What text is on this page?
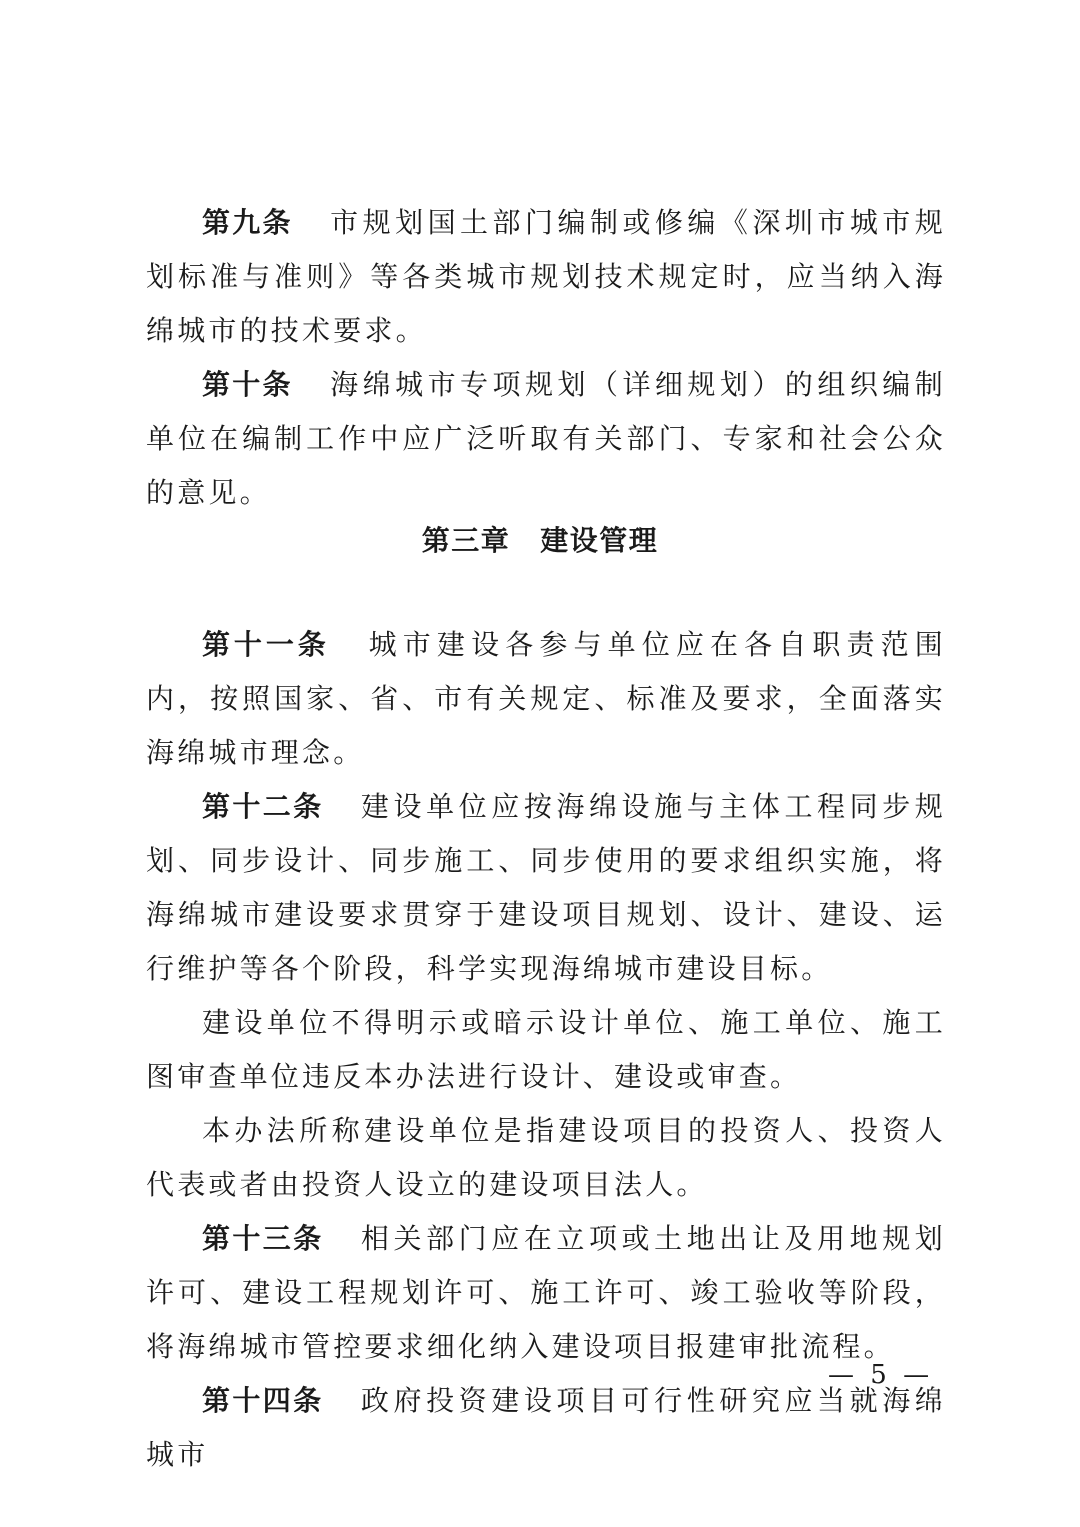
第九条 市规划国土部门编制或修编《深圳市城市规划标准与准则》等各类城市规划技术规定时，应当纳入海绵城市的技术要求。

第十条 海绵城市专项规划（详细规划）的组织编制单位在编制工作中应广泛听取有关部门、专家和社会公众的意见。

第三章 建设管理

第十一条 城市建设各参与单位应在各自职责范围内，按照国家、省、市有关规定、标准及要求，全面落实海绵城市理念。

第十二条 建设单位应按海绵设施与主体工程同步规划、同步设计、同步施工、同步使用的要求组织实施，将海绵城市建设要求贯穿于建设项目规划、设计、建设、运行维护等各个阶段，科学实现海绵城市建设目标。

建设单位不得明示或暗示设计单位、施工单位、施工图审查单位违反本办法进行设计、建设或审查。

本办法所称建设单位是指建设项目的投资人、投资人代表或者由投资人设立的建设项目法人。

第十三条 相关部门应在立项或土地出让及用地规划许可、建设工程规划许可、施工许可、竣工验收等阶段，将海绵城市管控要求细化纳入建设项目报建审批流程。

第十四条 政府投资建设项目可行性研究应当就海绵城市

— 5 —
